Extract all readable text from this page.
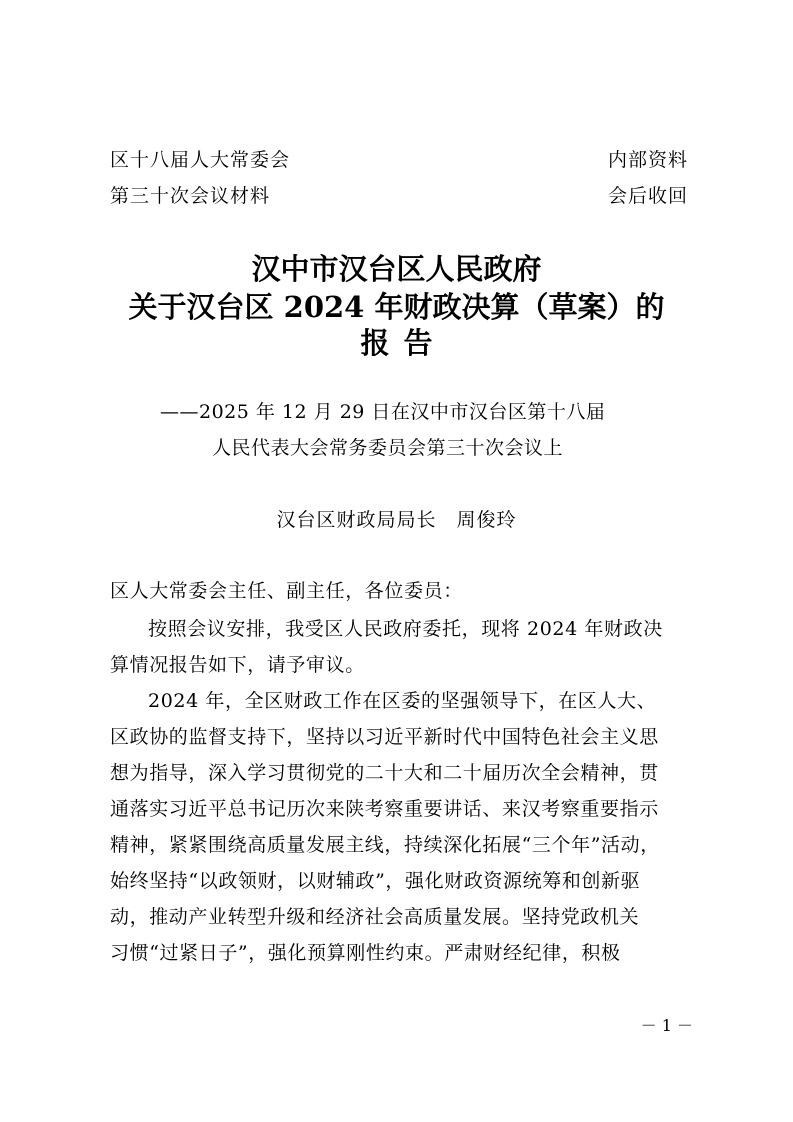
区十八届人大常委会
第三十次会议材料
内部资料
会后收回
汉中市汉台区人民政府
关于汉台区 2024 年财政决算（草案）的
报告
——2025 年 12 月 29 日在汉中市汉台区第十八届
人民代表大会常务委员会第三十次会议上
汉台区财政局局长　周俊玲
区人大常委会主任、副主任，各位委员：
按照会议安排，我受区人民政府委托，现将 2024 年财政决
算情况报告如下，请予审议。
2024 年，全区财政工作在区委的坚强领导下，在区人大、
区政协的监督支持下，坚持以习近平新时代中国特色社会主义思
想为指导，深入学习贯彻党的二十大和二十届历次全会精神，贯
通落实习近平总书记历次来陕考察重要讲话、来汉考察重要指示
精神，紧紧围绕高质量发展主线，持续深化拓展“三个年”活动，
始终坚持“以政领财，以财辅政”，强化财政资源统筹和创新驱
动，推动产业转型升级和经济社会高质量发展。坚持党政机关
习惯“过紧日子”，强化预算刚性约束。严肃财经纪律，积极
－ 1 －
